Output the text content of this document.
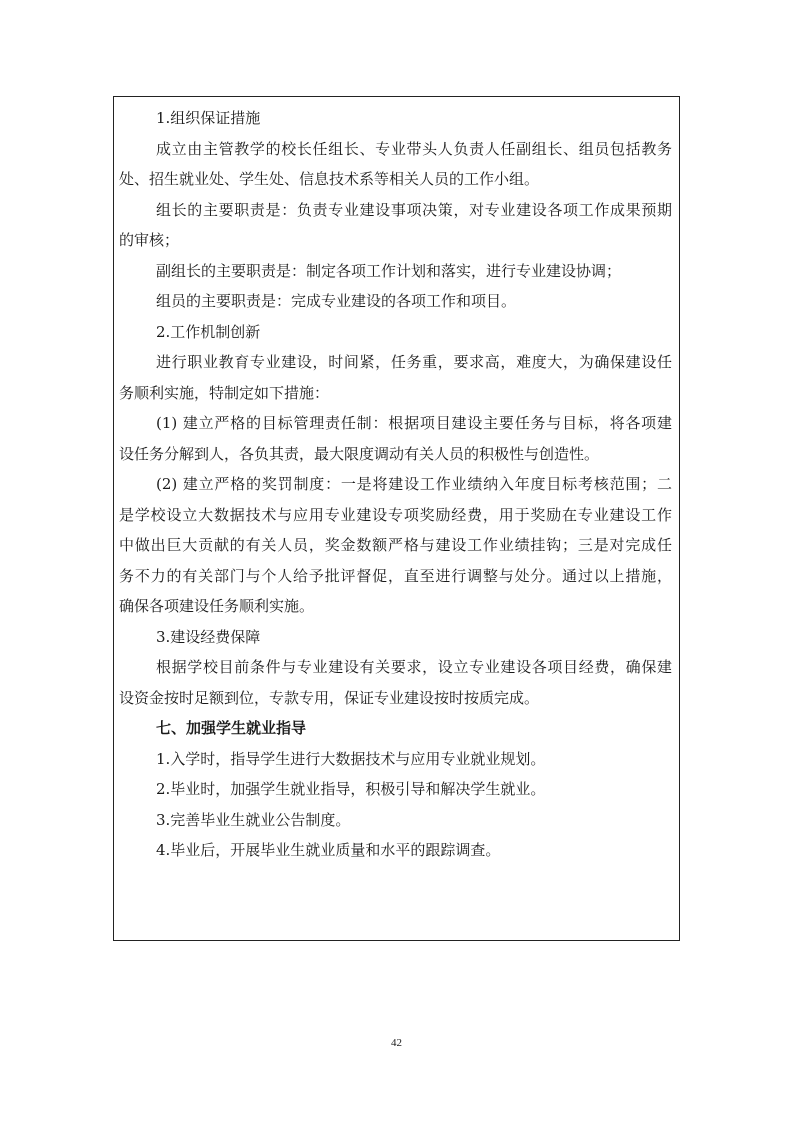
1.组织保证措施
成立由主管教学的校长任组长、专业带头人负责人任副组长、组员包括教务
处、招生就业处、学生处、信息技术系等相关人员的工作小组。
组长的主要职责是：负责专业建设事项决策，对专业建设各项工作成果预期
的审核；
副组长的主要职责是：制定各项工作计划和落实，进行专业建设协调；
组员的主要职责是：完成专业建设的各项工作和项目。
2.工作机制创新
进行职业教育专业建设，时间紧，任务重，要求高，难度大，为确保建设任
务顺利实施，特制定如下措施：
(1) 建立严格的目标管理责任制：根据项目建设主要任务与目标，将各项建
设任务分解到人，各负其责，最大限度调动有关人员的积极性与创造性。
(2) 建立严格的奖罚制度：一是将建设工作业绩纳入年度目标考核范围；二
是学校设立大数据技术与应用专业建设专项奖励经费，用于奖励在专业建设工作
中做出巨大贡献的有关人员，奖金数额严格与建设工作业绩挂钩；三是对完成任
务不力的有关部门与个人给予批评督促，直至进行调整与处分。通过以上措施，
确保各项建设任务顺利实施。
3.建设经费保障
根据学校目前条件与专业建设有关要求，设立专业建设各项目经费，确保建
设资金按时足额到位，专款专用，保证专业建设按时按质完成。
七、加强学生就业指导
1.入学时，指导学生进行大数据技术与应用专业就业规划。
2.毕业时，加强学生就业指导，积极引导和解决学生就业。
3.完善毕业生就业公告制度。
4.毕业后，开展毕业生就业质量和水平的跟踪调查。
42
